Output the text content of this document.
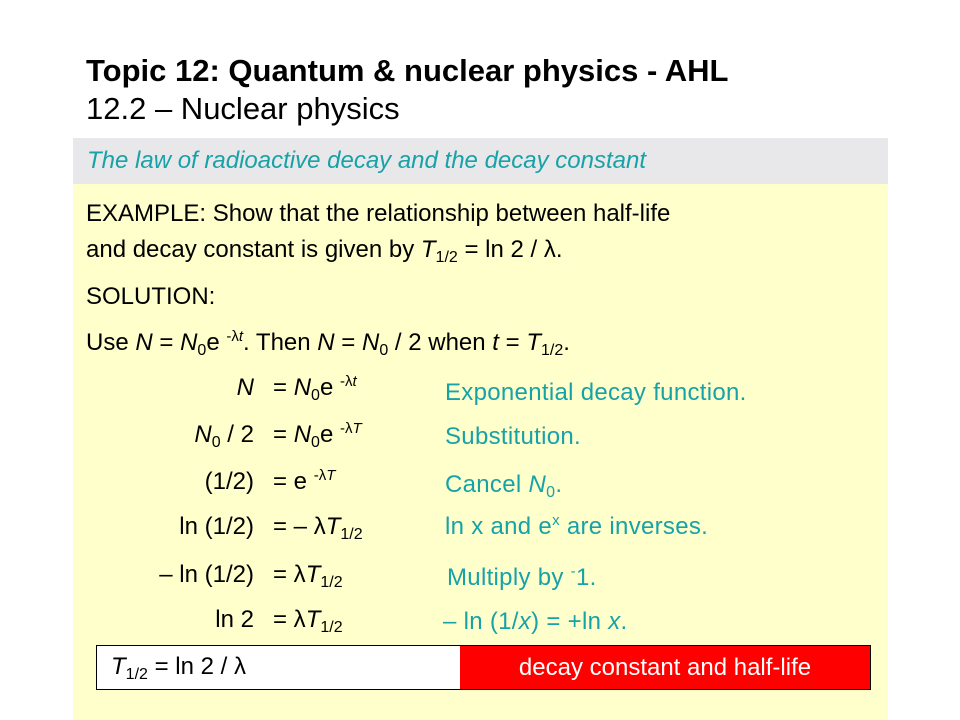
Topic 12: Quantum & nuclear physics - AHL
12.2 – Nuclear physics
The law of radioactive decay and the decay constant
EXAMPLE: Show that the relationship between half-life
and decay constant is given by $T_{1/2} = \ln 2 / \lambda$.
SOLUTION:
Use $N = N_0e$ $^{-\lambda t}$. Then $N = N_0 / 2$ when $t = T_{1/2}$.
$N = N_0e$ $^{-\lambda t}$	Exponential decay function.
$N_0 / 2 = N_0e$ $^{-\lambda T}$	Substitution.
(1/2) = e $^{-\lambda T}$	Cancel $N_0$.
ln (1/2) = – $\lambda T_{1/2}$	ln x and $e^x$ are inverses.
– $\ln (1/2) = \lambda T_{1/2}$	Multiply by -1.
$\ln 2 = \lambda T_{1/2}$	– ln (1/x) = +ln x.
$T_{1/2} = \ln 2 / \lambda$	decay constant and half-life
